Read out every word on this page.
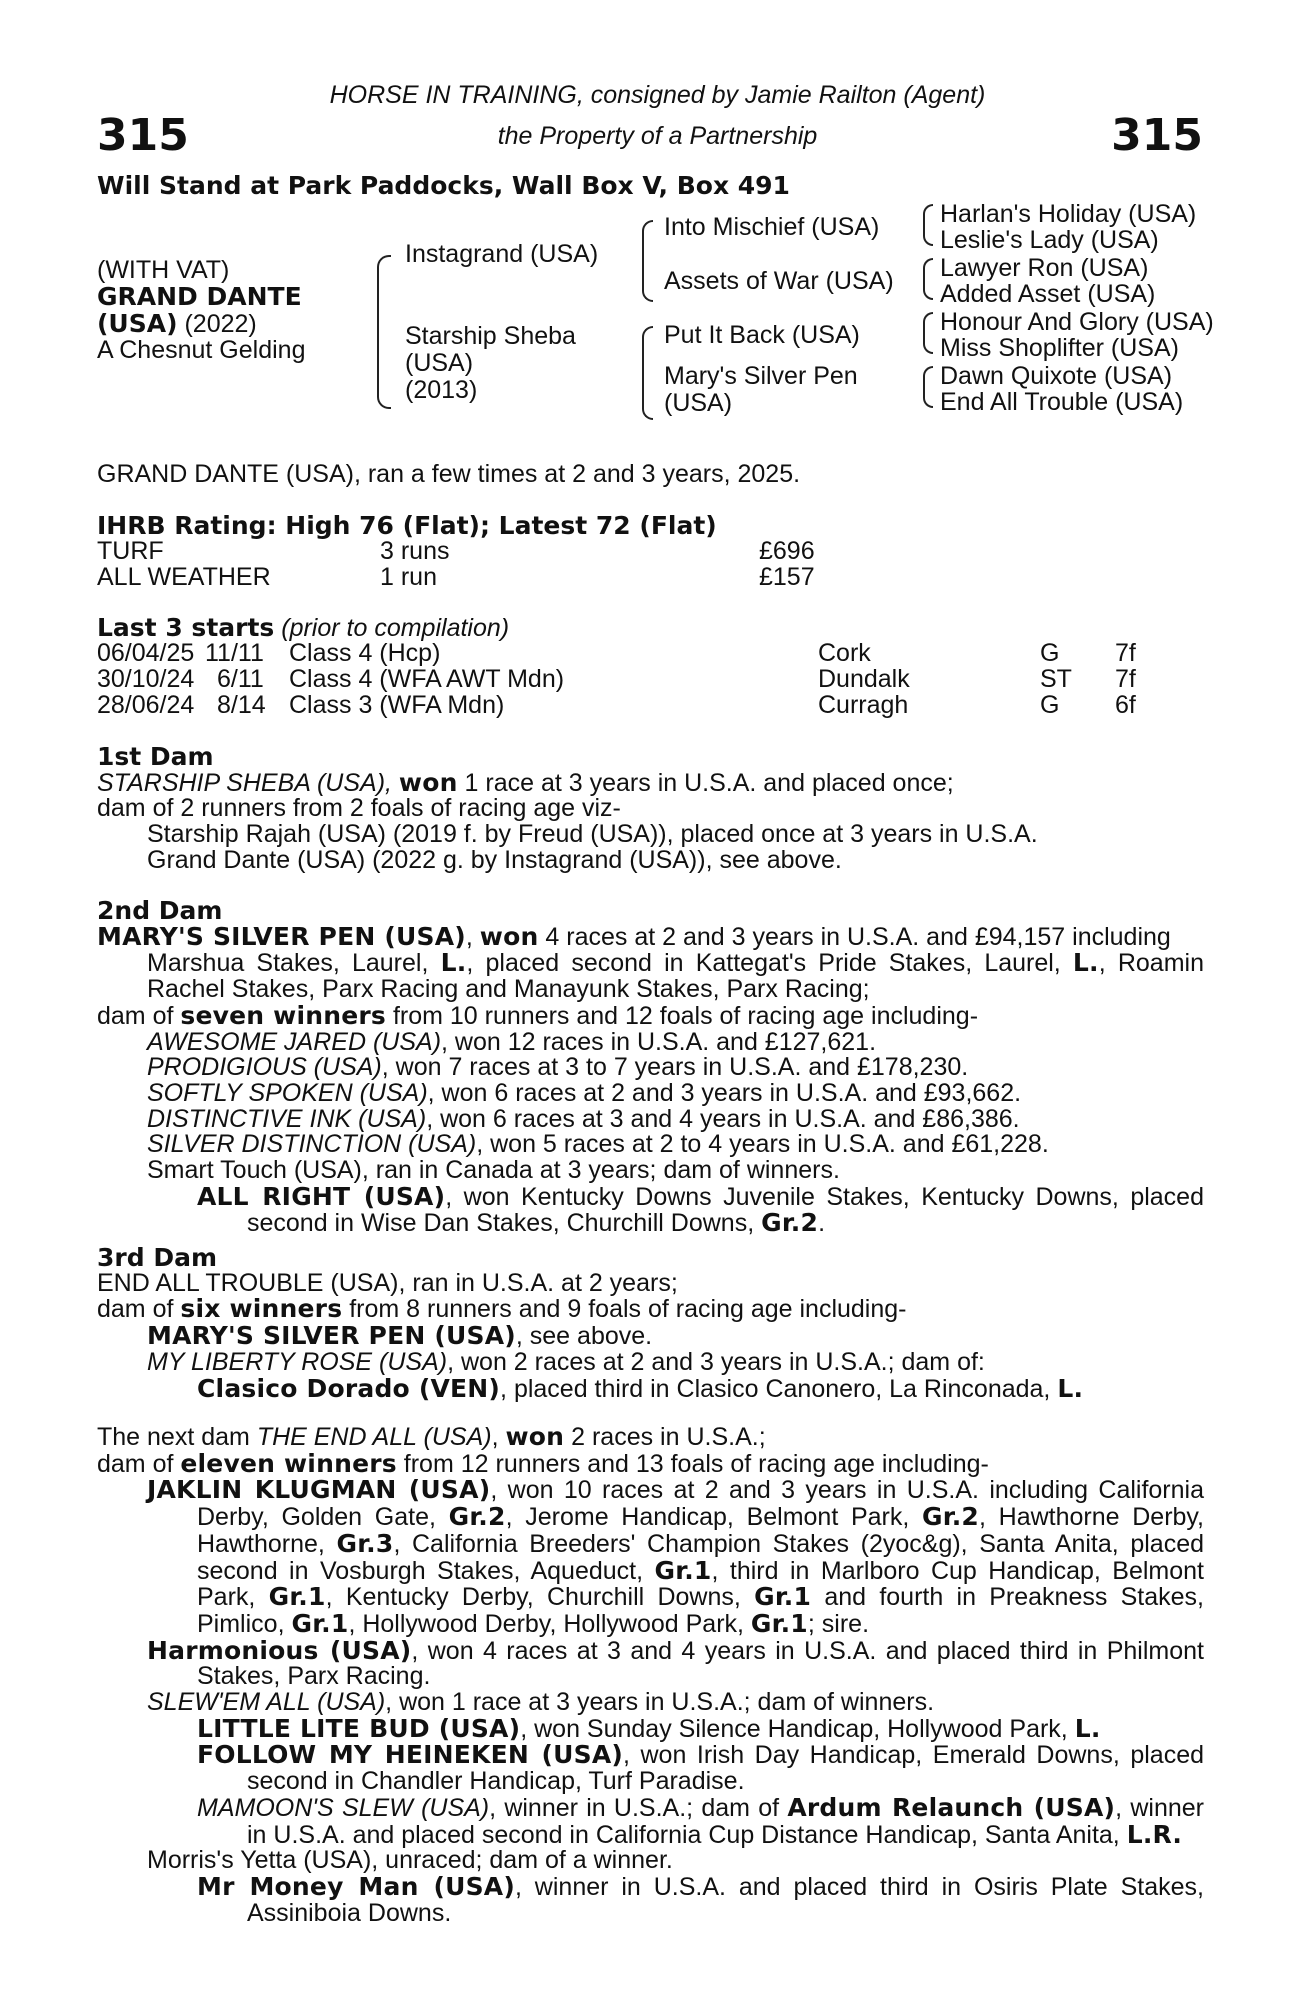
315	315
HORSE IN TRAINING, consigned by Jamie Railton (Agent)
the Property of a Partnership
Will Stand at Park Paddocks, Wall Box V, Box 491
(WITH VAT)
GRAND DANTE
(USA) (2022)
A Chesnut Gelding
Instagrand (USA)
Starship Sheba
(USA)
(2013)
Into Mischief (USA)
Assets of War (USA)
Put It Back (USA)
Mary's Silver Pen
(USA)
Harlan's Holiday (USA)
Leslie's Lady (USA)
Lawyer Ron (USA)
Added Asset (USA)
Honour And Glory (USA)
Miss Shoplifter (USA)
Dawn Quixote (USA)
End All Trouble (USA)
GRAND DANTE (USA), ran a few times at 2 and 3 years, 2025.
IHRB Rating: High 76 (Flat); Latest 72 (Flat)
TURF	3 runs	£696
ALL WEATHER	1 run	£157
Last 3 starts (prior to compilation)
06/04/25 11/11 Class 4 (Hcp)	Cork	G 7f
30/10/24 6/11 Class 4 (WFA AWT Mdn)	Dundalk	ST 7f
28/06/24 8/14 Class 3 (WFA Mdn)	Curragh	G 6f
1st Dam
STARSHIP SHEBA (USA), won 1 race at 3 years in U.S.A. and placed once;
dam of 2 runners from 2 foals of racing age viz-
Starship Rajah (USA) (2019 f. by Freud (USA)), placed once at 3 years in U.S.A.
Grand Dante (USA) (2022 g. by Instagrand (USA)), see above.
2nd Dam
MARY'S SILVER PEN (USA), won 4 races at 2 and 3 years in U.S.A. and £94,157 including
Marshua Stakes, Laurel, L., placed second in Kattegat's Pride Stakes, Laurel, L., Roamin
Rachel Stakes, Parx Racing and Manayunk Stakes, Parx Racing;
dam of seven winners from 10 runners and 12 foals of racing age including-
AWESOME JARED (USA), won 12 races in U.S.A. and £127,621.
PRODIGIOUS (USA), won 7 races at 3 to 7 years in U.S.A. and £178,230.
SOFTLY SPOKEN (USA), won 6 races at 2 and 3 years in U.S.A. and £93,662.
DISTINCTIVE INK (USA), won 6 races at 3 and 4 years in U.S.A. and £86,386.
SILVER DISTINCTION (USA), won 5 races at 2 to 4 years in U.S.A. and £61,228.
Smart Touch (USA), ran in Canada at 3 years; dam of winners.
ALL RIGHT (USA), won Kentucky Downs Juvenile Stakes, Kentucky Downs, placed
second in Wise Dan Stakes, Churchill Downs, Gr.2.
3rd Dam
END ALL TROUBLE (USA), ran in U.S.A. at 2 years;
dam of six winners from 8 runners and 9 foals of racing age including-
MARY'S SILVER PEN (USA), see above.
MY LIBERTY ROSE (USA), won 2 races at 2 and 3 years in U.S.A.; dam of:
Clasico Dorado (VEN), placed third in Clasico Canonero, La Rinconada, L.
The next dam THE END ALL (USA), won 2 races in U.S.A.;
dam of eleven winners from 12 runners and 13 foals of racing age including-
JAKLIN KLUGMAN (USA), won 10 races at 2 and 3 years in U.S.A. including California
Derby, Golden Gate, Gr.2, Jerome Handicap, Belmont Park, Gr.2, Hawthorne Derby,
Hawthorne, Gr.3, California Breeders' Champion Stakes (2yoc&g), Santa Anita, placed
second in Vosburgh Stakes, Aqueduct, Gr.1, third in Marlboro Cup Handicap, Belmont
Park, Gr.1, Kentucky Derby, Churchill Downs, Gr.1 and fourth in Preakness Stakes,
Pimlico, Gr.1, Hollywood Derby, Hollywood Park, Gr.1; sire.
Harmonious (USA), won 4 races at 3 and 4 years in U.S.A. and placed third in Philmont
Stakes, Parx Racing.
SLEW'EM ALL (USA), won 1 race at 3 years in U.S.A.; dam of winners.
LITTLE LITE BUD (USA), won Sunday Silence Handicap, Hollywood Park, L.
FOLLOW MY HEINEKEN (USA), won Irish Day Handicap, Emerald Downs, placed
second in Chandler Handicap, Turf Paradise.
MAMOON'S SLEW (USA), winner in U.S.A.; dam of Ardum Relaunch (USA), winner
in U.S.A. and placed second in California Cup Distance Handicap, Santa Anita, L.R.
Morris's Yetta (USA), unraced; dam of a winner.
Mr Money Man (USA), winner in U.S.A. and placed third in Osiris Plate Stakes,
Assiniboia Downs.
